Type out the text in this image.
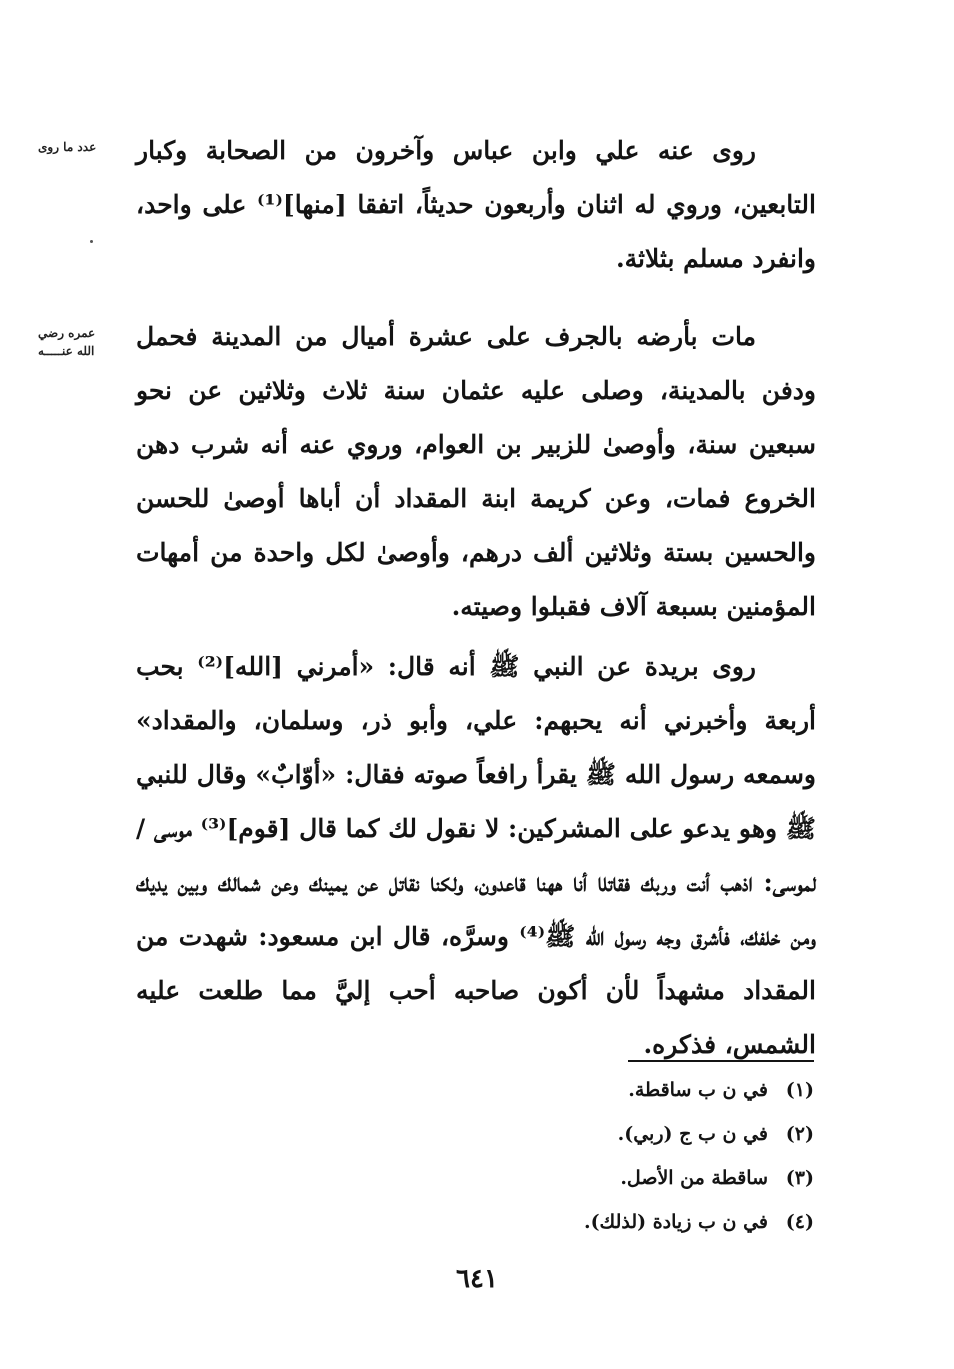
عدد ما روى	روى عنه علي وابن عباس وآخرون من الصحابة وكبار التابعين، وروي له اثنان وأربعون حديثاً، اتفقا [منها]⁽¹⁾ على واحد، وانفرد مسلم بثلاثة.

عمره رضي
الله عنـــــه	مات بأرضه بالجرف على عشرة أميال من المدينة فحمل ودفن بالمدينة، وصلى عليه عثمان سنة ثلاث وثلاثين عن نحو سبعين سنة، وأوصىٰ للزبير بن العوام، وروي عنه أنه شرب دهن الخروع فمات، وعن كريمة ابنة المقداد أن أباها أوصىٰ للحسن والحسين بستة وثلاثين ألف درهم، وأوصىٰ لكل واحدة من أمهات المؤمنين بسبعة آلاف فقبلوا وصيته.

روى بريدة عن النبي ﷺ أنه قال: «أمرني [الله]⁽²⁾ بحب أربعة وأخبرني أنه يحبهم: علي، وأبو ذر، وسلمان، والمقداد» وسمعه رسول الله ﷺ يقرأ رافعاً صوته فقال: «أوّابٌ» وقال للنبي ﷺ وهو يدعو على المشركين: لا نقول لك كما قال [قوم]⁽³⁾ موسى / لموسى: اذهب أنت وربك فقاتلا أنا ههنا قاعدون، ولكنا نقاتل عن يمينك وعن شمالك وبين يديك ومن خلفك، فأشرق وجه رسول الله ﷺ⁽⁴⁾ وسرَّه، قال ابن مسعود: شهدت من المقداد مشهداً لأن أكون صاحبه أحب إليَّ مما طلعت عليه الشمس، فذكره.

(١)في ن ب ساقطة.
(٢)في ن ب ج (ربي).
(٣)ساقطة من الأصل.
(٤)في ن ب زيادة (لذلك).
٦٤١
